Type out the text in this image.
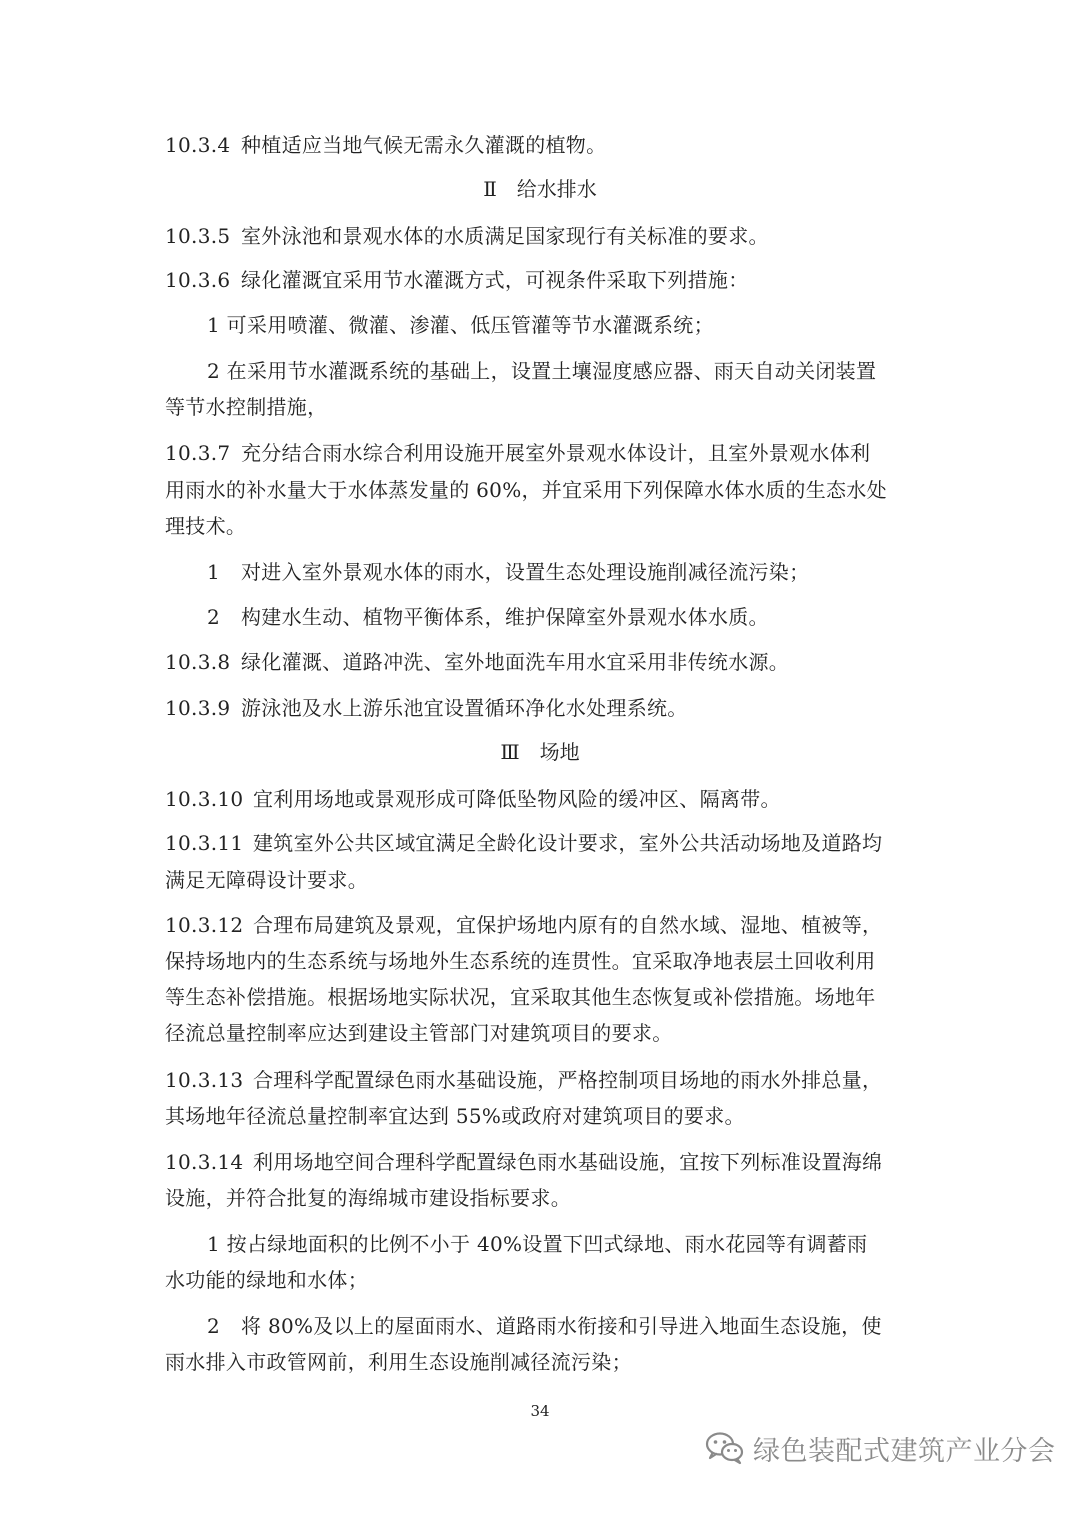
10.3.4 种植适应当地气候无需永久灌溉的植物。
Ⅱ　给水排水
10.3.5 室外泳池和景观水体的水质满足国家现行有关标准的要求。
10.3.6 绿化灌溉宜采用节水灌溉方式，可视条件采取下列措施：
1 可采用喷灌、微灌、渗灌、低压管灌等节水灌溉系统；
2 在采用节水灌溉系统的基础上，设置土壤湿度感应器、雨天自动关闭装置
等节水控制措施，
10.3.7 充分结合雨水综合利用设施开展室外景观水体设计，且室外景观水体利
用雨水的补水量大于水体蒸发量的 60%，并宜采用下列保障水体水质的生态水处
理技术。
1 对进入室外景观水体的雨水，设置生态处理设施削减径流污染；
2 构建水生动、植物平衡体系，维护保障室外景观水体水质。
10.3.8 绿化灌溉、道路冲洗、室外地面洗车用水宜采用非传统水源。
10.3.9 游泳池及水上游乐池宜设置循环净化水处理系统。
Ⅲ　场地
10.3.10 宜利用场地或景观形成可降低坠物风险的缓冲区、隔离带。
10.3.11 建筑室外公共区域宜满足全龄化设计要求，室外公共活动场地及道路均
满足无障碍设计要求。
10.3.12 合理布局建筑及景观，宜保护场地内原有的自然水域、湿地、植被等，
保持场地内的生态系统与场地外生态系统的连贯性。宜采取净地表层土回收利用
等生态补偿措施。根据场地实际状况，宜采取其他生态恢复或补偿措施。场地年
径流总量控制率应达到建设主管部门对建筑项目的要求。
10.3.13 合理科学配置绿色雨水基础设施，严格控制项目场地的雨水外排总量，
其场地年径流总量控制率宜达到 55%或政府对建筑项目的要求。
10.3.14 利用场地空间合理科学配置绿色雨水基础设施，宜按下列标准设置海绵
设施，并符合批复的海绵城市建设指标要求。
1 按占绿地面积的比例不小于 40%设置下凹式绿地、雨水花园等有调蓄雨
水功能的绿地和水体；
2 将 80%及以上的屋面雨水、道路雨水衔接和引导进入地面生态设施，使
雨水排入市政管网前，利用生态设施削减径流污染；
34
绿色装配式建筑产业分会
